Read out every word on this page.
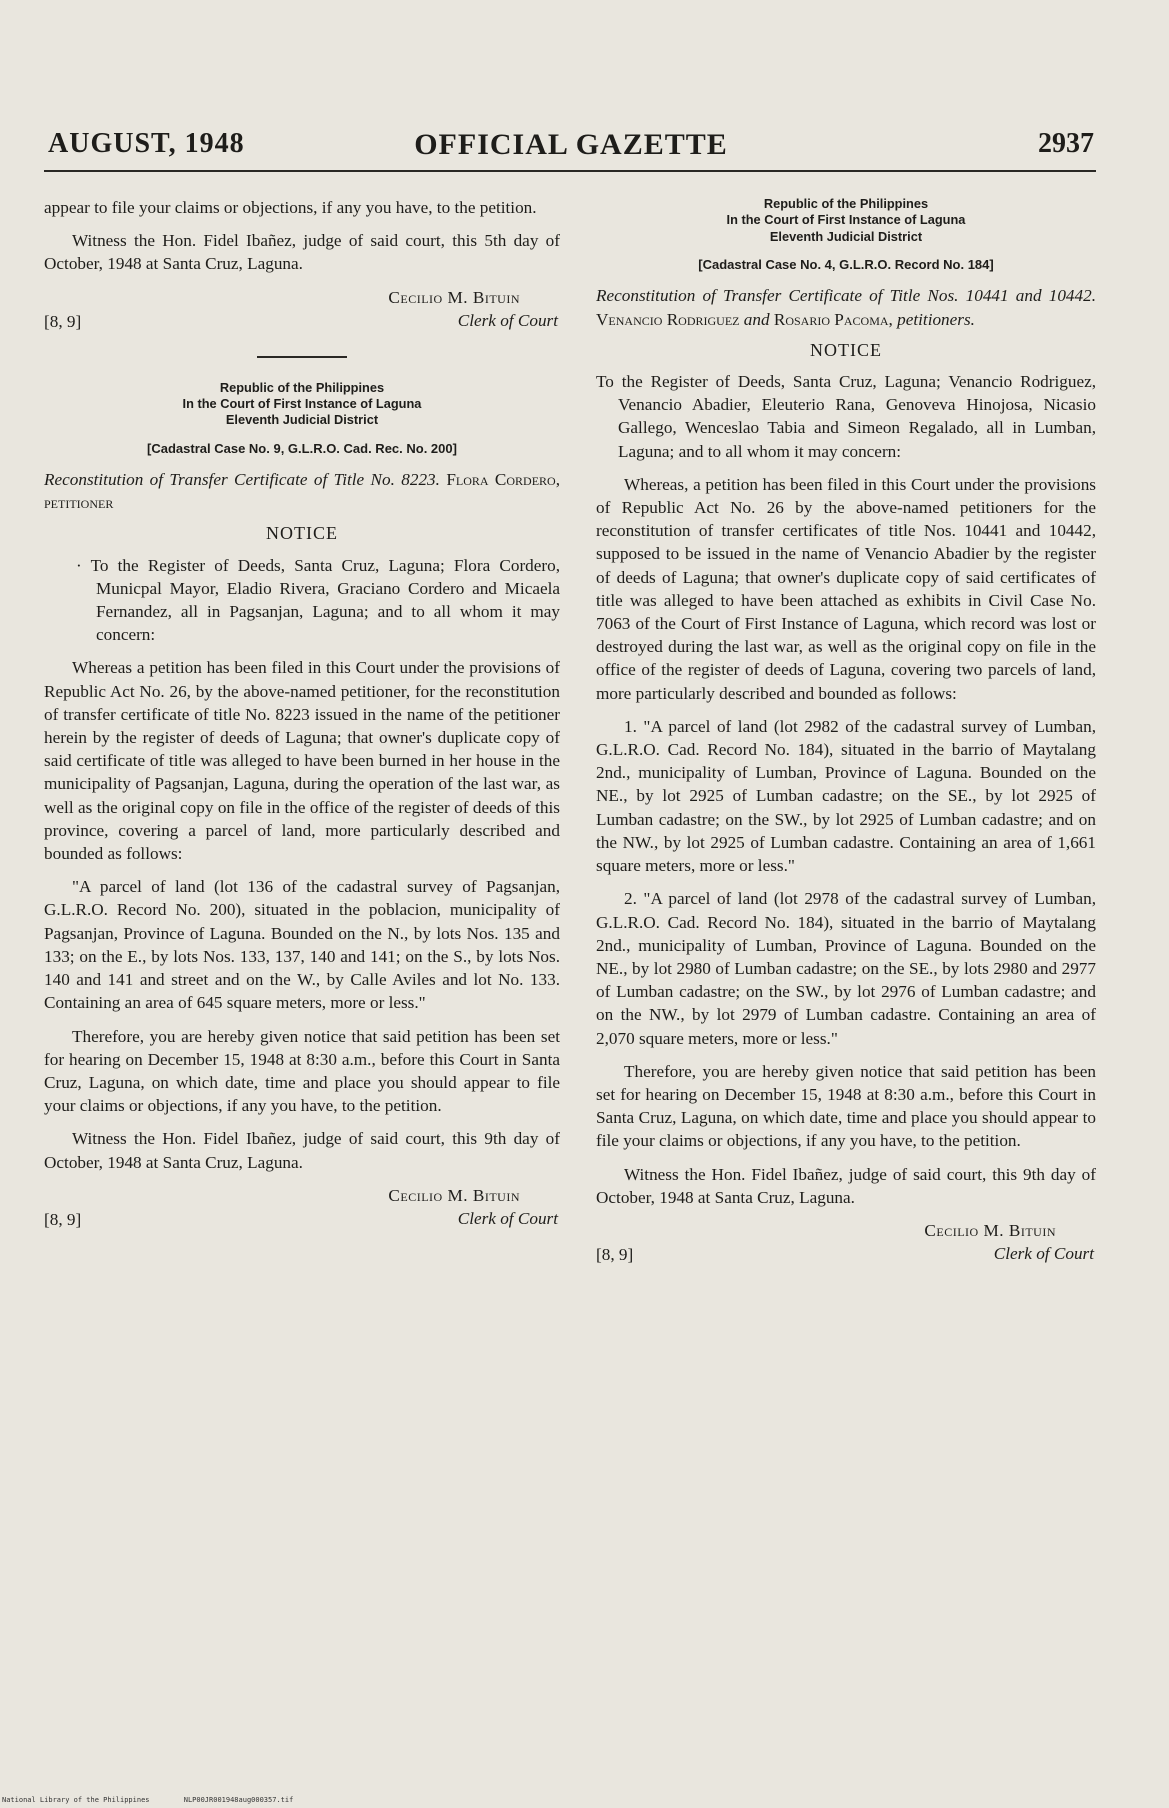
AUGUST, 1948	OFFICIAL GAZETTE	2937

appear to file your claims or objections, if any you have, to the petition.

Witness the Hon. Fidel Ibañez, judge of said court, this 5th day of October, 1948 at Santa Cruz, Laguna.

Cecilio M. Bituin
Clerk of Court
[8, 9]
Republic of the Philippines
In the Court of First Instance of Laguna
Eleventh Judicial District
[Cadastral Case No. 9, G.L.R.O. Cad. Rec. No. 200]

Reconstitution of Transfer Certificate of Title No. 8223. Flora Cordero, petitioner

NOTICE

· To the Register of Deeds, Santa Cruz, Laguna; Flora Cordero, Municpal Mayor, Eladio Rivera, Graciano Cordero and Micaela Fernandez, all in Pagsanjan, Laguna; and to all whom it may concern:

Whereas a petition has been filed in this Court under the provisions of Republic Act No. 26, by the above-named petitioner, for the reconstitution of transfer certificate of title No. 8223 issued in the name of the petitioner herein by the register of deeds of Laguna; that owner's duplicate copy of said certificate of title was alleged to have been burned in her house in the municipality of Pagsanjan, Laguna, during the operation of the last war, as well as the original copy on file in the office of the register of deeds of this province, covering a parcel of land, more particularly described and bounded as follows:

"A parcel of land (lot 136 of the cadastral survey of Pagsanjan, G.L.R.O. Record No. 200), situated in the poblacion, municipality of Pagsanjan, Province of Laguna. Bounded on the N., by lots Nos. 135 and 133; on the E., by lots Nos. 133, 137, 140 and 141; on the S., by lots Nos. 140 and 141 and street and on the W., by Calle Aviles and lot No. 133. Containing an area of 645 square meters, more or less."

Therefore, you are hereby given notice that said petition has been set for hearing on December 15, 1948 at 8:30 a.m., before this Court in Santa Cruz, Laguna, on which date, time and place you should appear to file your claims or objections, if any you have, to the petition.

Witness the Hon. Fidel Ibañez, judge of said court, this 9th day of October, 1948 at Santa Cruz, Laguna.

Cecilio M. Bituin
Clerk of Court
[8, 9]
Republic of the Philippines
In the Court of First Instance of Laguna
Eleventh Judicial District
[Cadastral Case No. 4, G.L.R.O. Record No. 184]

Reconstitution of Transfer Certificate of Title Nos. 10441 and 10442. Venancio Rodriguez and Rosario Pacoma, petitioners.

NOTICE

To the Register of Deeds, Santa Cruz, Laguna; Venancio Rodriguez, Venancio Abadier, Eleuterio Rana, Genoveva Hinojosa, Nicasio Gallego, Wenceslao Tabia and Simeon Regalado, all in Lumban, Laguna; and to all whom it may concern:

Whereas, a petition has been filed in this Court under the provisions of Republic Act No. 26 by the above-named petitioners for the reconstitution of transfer certificates of title Nos. 10441 and 10442, supposed to be issued in the name of Venancio Abadier by the register of deeds of Laguna; that owner's duplicate copy of said certificates of title was alleged to have been attached as exhibits in Civil Case No. 7063 of the Court of First Instance of Laguna, which record was lost or destroyed during the last war, as well as the original copy on file in the office of the register of deeds of Laguna, covering two parcels of land, more particularly described and bounded as follows:

1. "A parcel of land (lot 2982 of the cadastral survey of Lumban, G.L.R.O. Cad. Record No. 184), situated in the barrio of Maytalang 2nd., municipality of Lumban, Province of Laguna. Bounded on the NE., by lot 2925 of Lumban cadastre; on the SE., by lot 2925 of Lumban cadastre; on the SW., by lot 2925 of Lumban cadastre; and on the NW., by lot 2925 of Lumban cadastre. Containing an area of 1,661 square meters, more or less."

2. "A parcel of land (lot 2978 of the cadastral survey of Lumban, G.L.R.O. Cad. Record No. 184), situated in the barrio of Maytalang 2nd., municipality of Lumban, Province of Laguna. Bounded on the NE., by lot 2980 of Lumban cadastre; on the SE., by lots 2980 and 2977 of Lumban cadastre; on the SW., by lot 2976 of Lumban cadastre; and on the NW., by lot 2979 of Lumban cadastre. Containing an area of 2,070 square meters, more or less."

Therefore, you are hereby given notice that said petition has been set for hearing on December 15, 1948 at 8:30 a.m., before this Court in Santa Cruz, Laguna, on which date, time and place you should appear to file your claims or objections, if any you have, to the petition.

Witness the Hon. Fidel Ibañez, judge of said court, this 9th day of October, 1948 at Santa Cruz, Laguna.

Cecilio M. Bituin
Clerk of Court
[8, 9]
National Library of the Philippines	NLP00JR001948aug000357.tif
